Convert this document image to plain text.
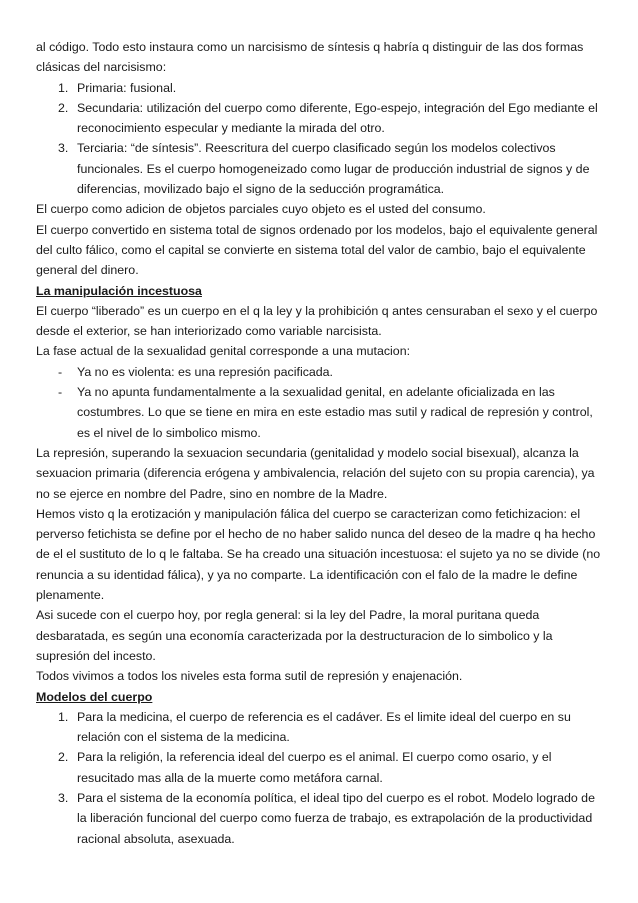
al código. Todo esto instaura como un narcisismo de síntesis q habría q distinguir de las dos formas clásicas del narcisismo:

1. Primaria: fusional.
2. Secundaria: utilización del cuerpo como diferente, Ego-espejo, integración del Ego mediante el reconocimiento especular y mediante la mirada del otro.
3. Terciaria: “de síntesis”. Reescritura del cuerpo clasificado según los modelos colectivos funcionales. Es el cuerpo homogeneizado como lugar de producción industrial de signos y de diferencias, movilizado bajo el signo de la seducción programática.

El cuerpo como adicion de objetos parciales cuyo objeto es el usted del consumo.

El cuerpo convertido en sistema total de signos ordenado por los modelos, bajo el equivalente general del culto fálico, como el capital se convierte en sistema total del valor de cambio, bajo el equivalente general del dinero.

La manipulación incestuosa

El cuerpo “liberado” es un cuerpo en el q la ley y la prohibición q antes censuraban el sexo y el cuerpo desde el exterior, se han interiorizado como variable narcisista.

La fase actual de la sexualidad genital corresponde a una mutacion:

- Ya no es violenta: es una represión pacificada.
- Ya no apunta fundamentalmente a la sexualidad genital, en adelante oficializada en las costumbres. Lo que se tiene en mira en este estadio mas sutil y radical de represión y control, es el nivel de lo simbolico mismo.

La represión, superando la sexuacion secundaria (genitalidad y modelo social bisexual), alcanza la sexuacion primaria (diferencia erógena y ambivalencia, relación del sujeto con su propia carencia), ya no se ejerce en nombre del Padre, sino en nombre de la Madre.

Hemos visto q la erotización y manipulación fálica del cuerpo se caracterizan como fetichizacion: el perverso fetichista se define por el hecho de no haber salido nunca del deseo de la madre q ha hecho de el el sustituto de lo q le faltaba. Se ha creado una situación incestuosa: el sujeto ya no se divide (no renuncia a su identidad fálica), y ya no comparte. La identificación con el falo de la madre le define plenamente.

Asi sucede con el cuerpo hoy, por regla general: si la ley del Padre, la moral puritana queda desbaratada, es según una economía caracterizada por la destructuracion de lo simbolico y la supresión del incesto.

Todos vivimos a todos los niveles esta forma sutil de represión y enajenación.

Modelos del cuerpo

1. Para la medicina, el cuerpo de referencia es el cadáver. Es el limite ideal del cuerpo en su relación con el sistema de la medicina.
2. Para la religión, la referencia ideal del cuerpo es el animal. El cuerpo como osario, y el resucitado mas alla de la muerte como metáfora carnal.
3. Para el sistema de la economía política, el ideal tipo del cuerpo es el robot. Modelo logrado de la liberación funcional del cuerpo como fuerza de trabajo, es extrapolación de la productividad racional absoluta, asexuada.
